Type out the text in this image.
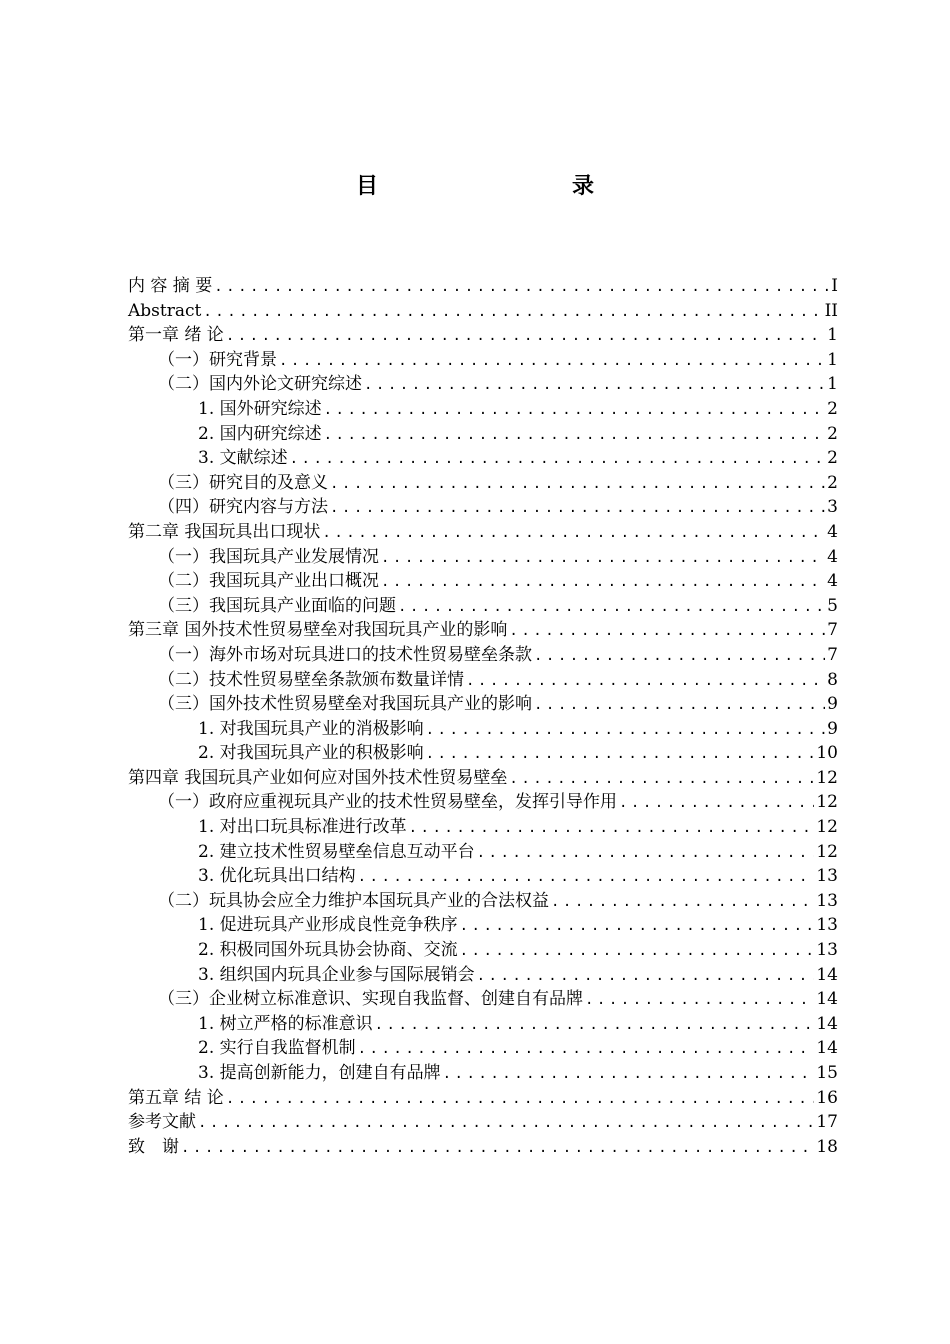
目　　录
内 容 摘 要 .....	I
Abstract .....	II
第一章 绪 论 .....	1
（一）研究背景 .....	1
（二）国内外论文研究综述 .....	1
1. 国外研究综述 .....	2
2. 国内研究综述 .....	2
3. 文献综述 .....	2
（三）研究目的及意义 .....	2
（四）研究内容与方法 .....	3
第二章 我国玩具出口现状 .....	4
（一）我国玩具产业发展情况 .....	4
（二）我国玩具产业出口概况 .....	4
（三）我国玩具产业面临的问题 .....	5
第三章 国外技术性贸易壁垒对我国玩具产业的影响 .....	7
（一）海外市场对玩具进口的技术性贸易壁垒条款 .....	7
（二）技术性贸易壁垒条款颁布数量详情 .....	8
（三）国外技术性贸易壁垒对我国玩具产业的影响 .....	9
1. 对我国玩具产业的消极影响 .....	9
2. 对我国玩具产业的积极影响 .....	10
第四章 我国玩具产业如何应对国外技术性贸易壁垒 .....	12
（一）政府应重视玩具产业的技术性贸易壁垒，发挥引导作用 .....	12
1. 对出口玩具标准进行改革 .....	12
2. 建立技术性贸易壁垒信息互动平台 .....	12
3. 优化玩具出口结构 .....	13
（二）玩具协会应全力维护本国玩具产业的合法权益 .....	13
1. 促进玩具产业形成良性竞争秩序 .....	13
2. 积极同国外玩具协会协商、交流 .....	13
3. 组织国内玩具企业参与国际展销会 .....	14
（三）企业树立标准意识、实现自我监督、创建自有品牌 .....	14
1. 树立严格的标准意识 .....	14
2. 实行自我监督机制 .....	14
3. 提高创新能力，创建自有品牌 .....	15
第五章 结 论 .....	16
参考文献 .....	17
致　谢 .....	18
